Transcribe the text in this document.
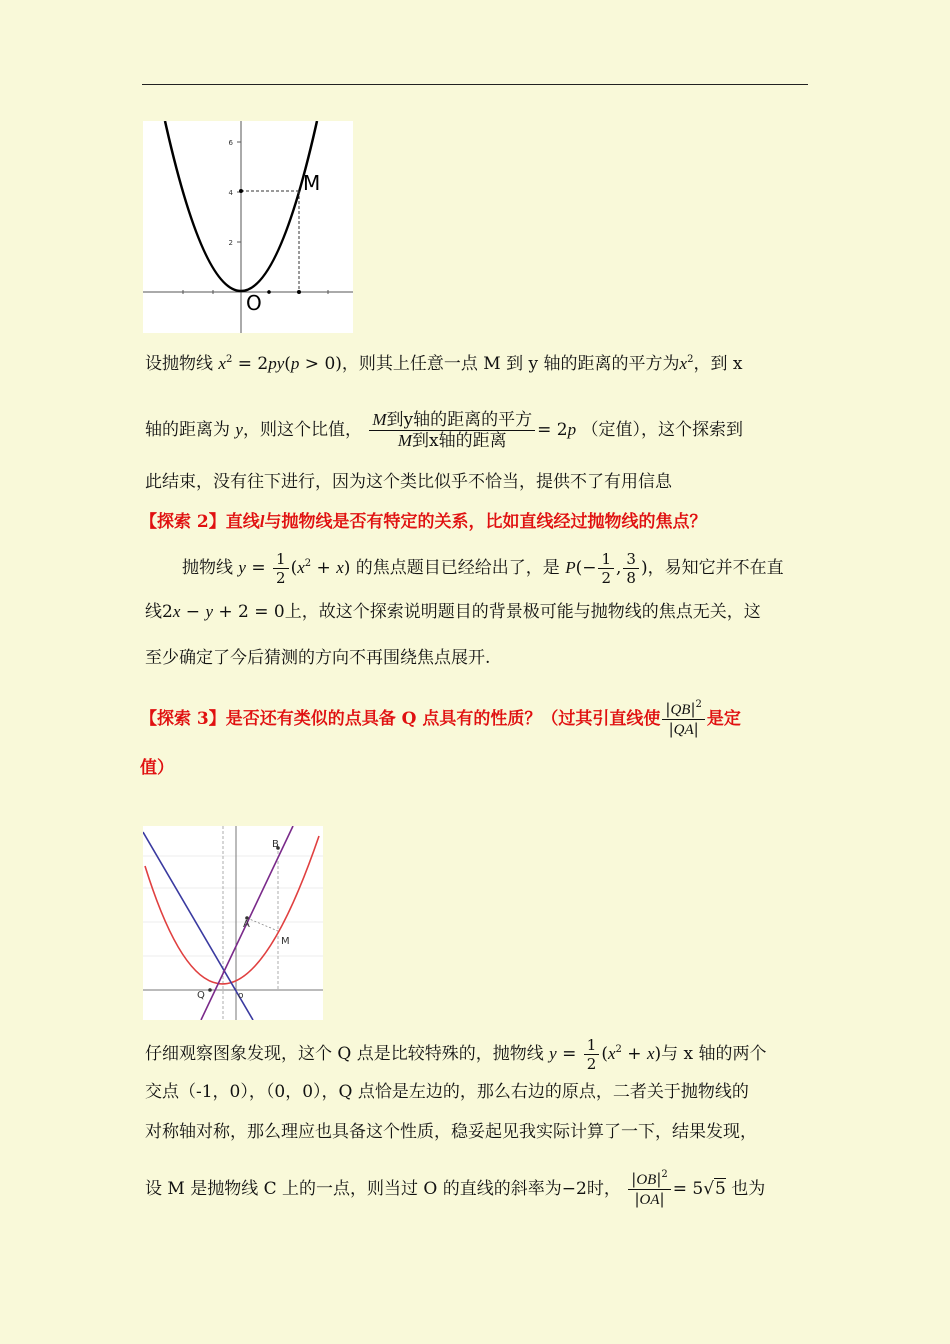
2
4
6
M
O
设抛物线 $x^2 = 2py(p > 0)$，则其上任意一点 M 到 y 轴的距离的平方为$x^2$，到 x
轴的距离为 y，则这个比值， $\frac{\text{M到y轴的距离的平方}}{\text{M到x轴的距离}} = 2p$ （定值），这个探索到
此结束，没有往下进行，因为这个类比似乎不恰当，提供不了有用信息
【探索 2】直线l与抛物线是否有特定的关系，比如直线经过抛物线的焦点？
抛物线 $y = \frac{1}{2} (x^2 + x)$ 的焦点题目已经给出了，是 $P(- \frac{1}{2}$ , $\frac{3}{8}$ )，易知它并不在直
线2x − y + 2 = 0上，故这个探索说明题目的背景极可能与抛物线的焦点无关，这
至少确定了今后猜测的方向不再围绕焦点展开.
【探索 3】是否还有类似的点具备 Q 点具有的性质？（过其引直线使 $\frac{|QB|^2}{|QA|}$ 是定
值）
B
A
M
Q	o
仔细观察图象发现，这个 Q 点是比较特殊的，抛物线 $y = \frac{1}{2} (x^2 + x)$与 x 轴的两个
交点（-1，0），（0，0），Q 点恰是左边的，那么右边的原点，二者关于抛物线的
对称轴对称，那么理应也具备这个性质，稳妥起见我实际计算了一下，结果发现，
设 M 是抛物线 C 上的一点，则当过 O 的直线的斜率为−2时， $\frac{|OB|^2}{|OA|} = 5√5$ 也为
